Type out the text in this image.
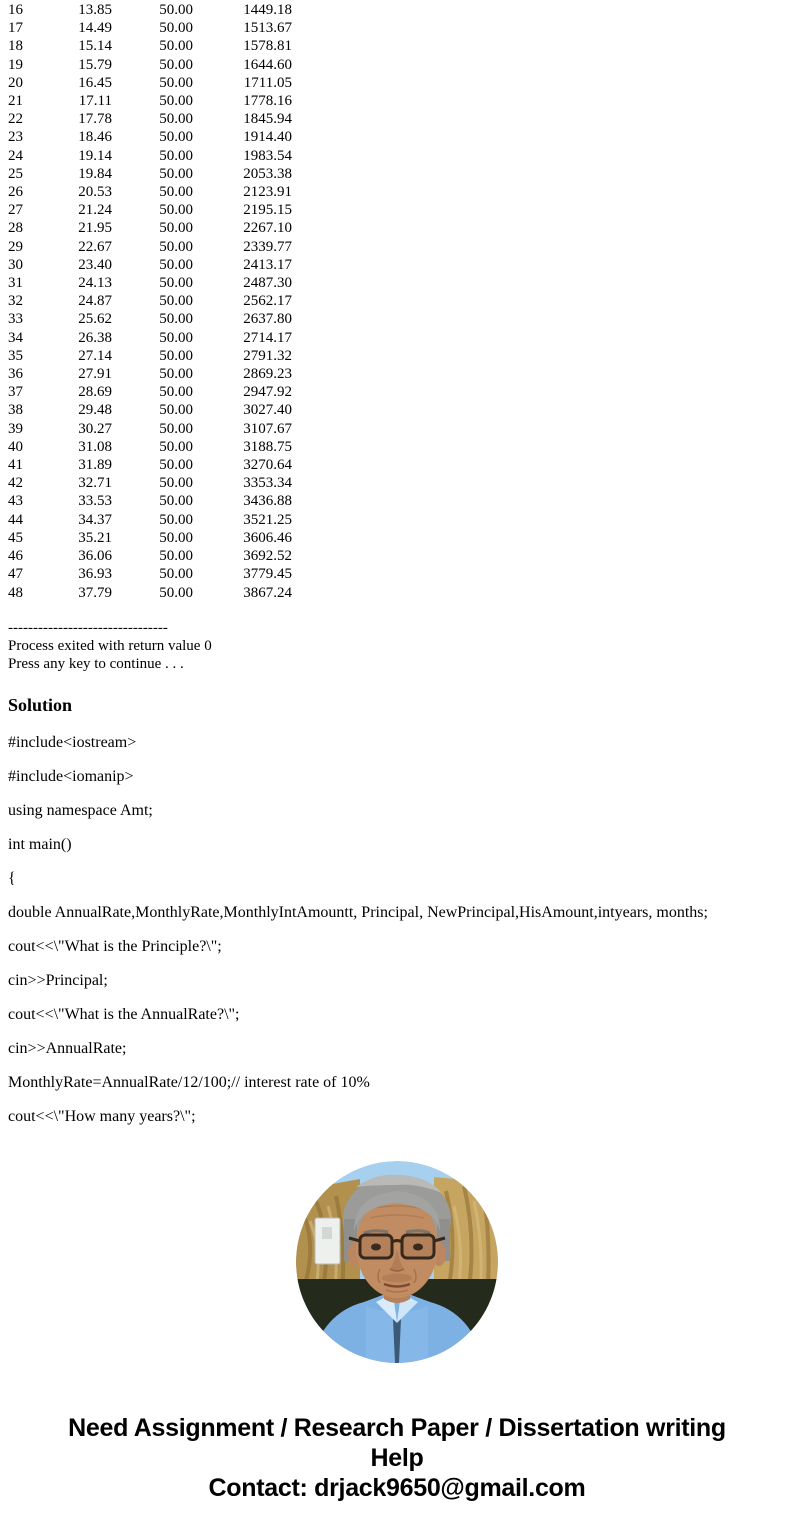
16	13.85	50.00	1449.18
17	14.49	50.00	1513.67
18	15.14	50.00	1578.81
19	15.79	50.00	1644.60
20	16.45	50.00	1711.05
21	17.11	50.00	1778.16
22	17.78	50.00	1845.94
23	18.46	50.00	1914.40
24	19.14	50.00	1983.54
25	19.84	50.00	2053.38
26	20.53	50.00	2123.91
27	21.24	50.00	2195.15
28	21.95	50.00	2267.10
29	22.67	50.00	2339.77
30	23.40	50.00	2413.17
31	24.13	50.00	2487.30
32	24.87	50.00	2562.17
33	25.62	50.00	2637.80
34	26.38	50.00	2714.17
35	27.14	50.00	2791.32
36	27.91	50.00	2869.23
37	28.69	50.00	2947.92
38	29.48	50.00	3027.40
39	30.27	50.00	3107.67
40	31.08	50.00	3188.75
41	31.89	50.00	3270.64
42	32.71	50.00	3353.34
43	33.53	50.00	3436.88
44	34.37	50.00	3521.25
45	35.21	50.00	3606.46
46	36.06	50.00	3692.52
47	36.93	50.00	3779.45
48	37.79	50.00	3867.24
--------------------------------
Process exited with return value 0
Press any key to continue . . .
Solution

#include<iostream>

#include<iomanip>

using namespace Amt;

int main()

{

double AnnualRate,MonthlyRate,MonthlyIntAmountt, Principal, NewPrincipal,HisAmount,intyears, months;

cout<<\"What is the Principle?\";

cin>>Principal;

cout<<\"What is the AnnualRate?\";

cin>>AnnualRate;

MonthlyRate=AnnualRate/12/100;// interest rate of 10%

cout<<\"How many years?\";

Need Assignment / Research Paper / Dissertation writing Help
Contact: drjack9650@gmail.com
